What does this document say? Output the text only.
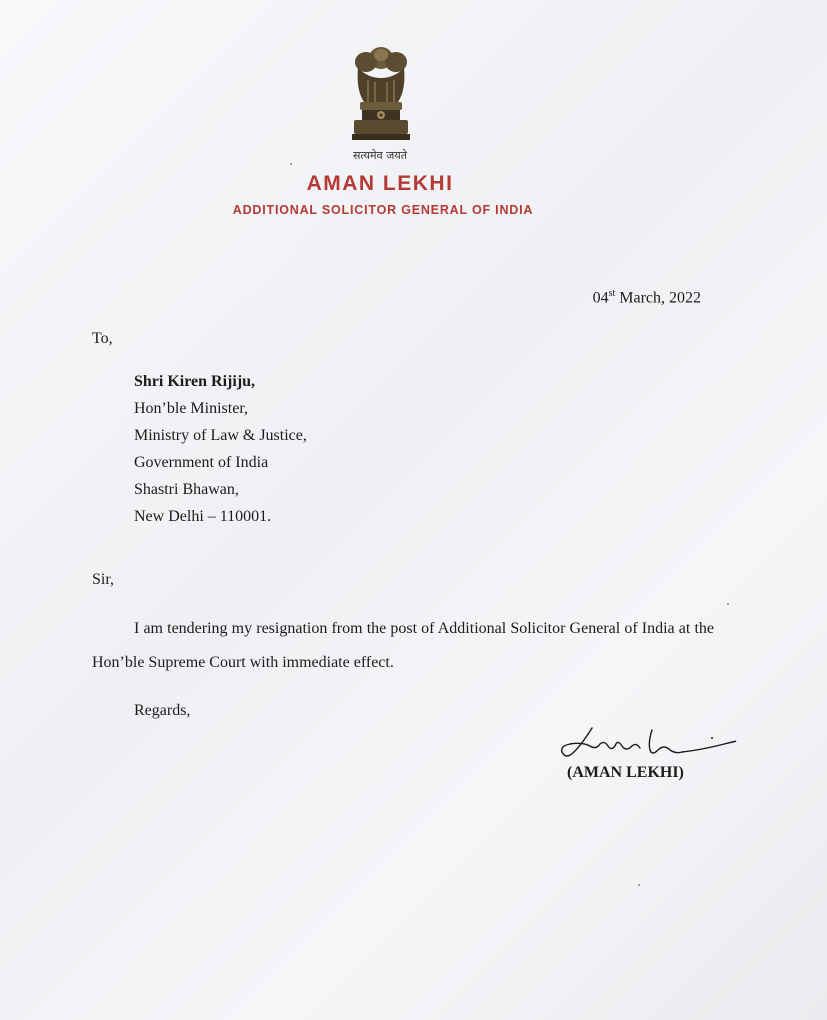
सत्यमेव जयते
AMAN LEKHI
ADDITIONAL SOLICITOR GENERAL OF INDIA
04st March, 2022
To,
Shri Kiren Rijiju,
Hon’ble Minister,
Ministry of Law & Justice,
Government of India
Shastri Bhawan,
New Delhi – 110001.
Sir,
I am tendering my resignation from the post of Additional Solicitor General of India at the Hon’ble Supreme Court with immediate effect.
Regards,
(AMAN LEKHI)
